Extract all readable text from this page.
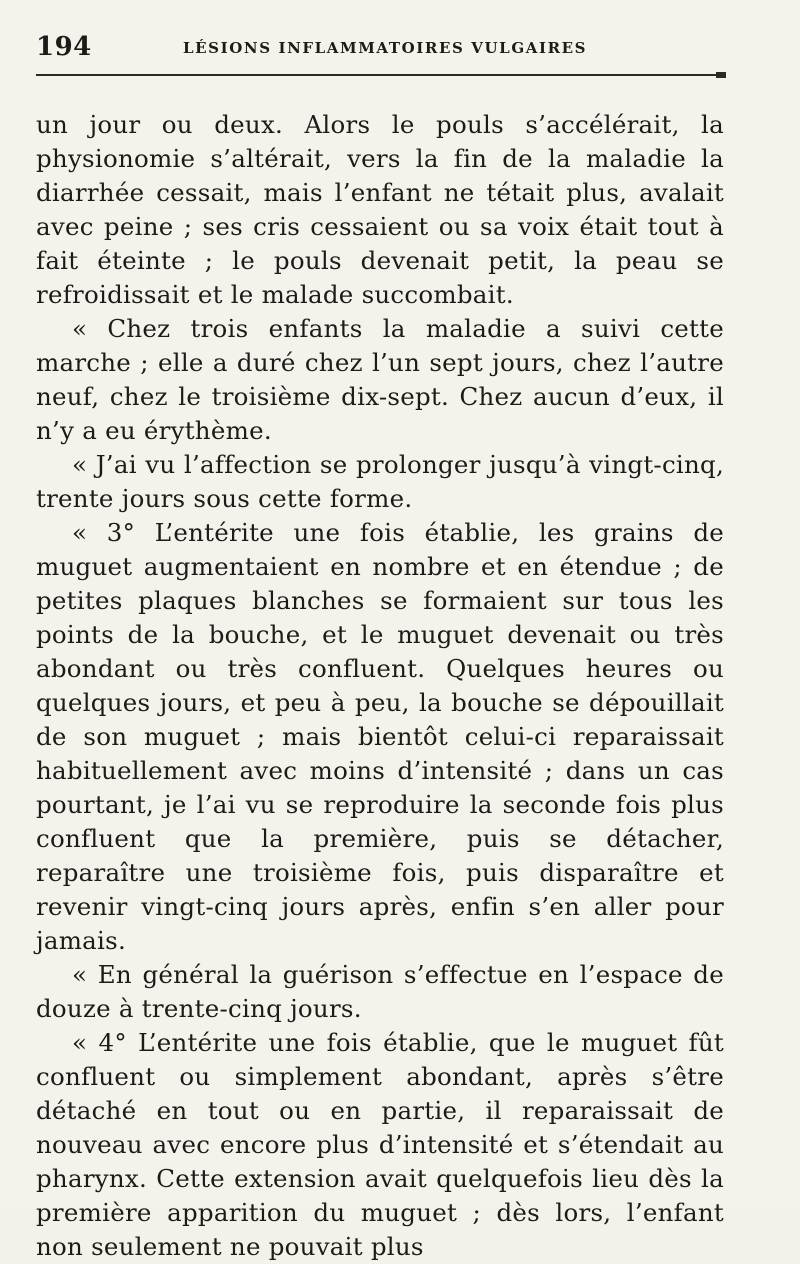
194	LÉSIONS INFLAMMATOIRES VULGAIRES

un jour ou deux. Alors le pouls s’accélérait, la physionomie s’altérait, vers la fin de la maladie la diarrhée cessait, mais l’enfant ne tétait plus, avalait avec peine ; ses cris cessaient ou sa voix était tout à fait éteinte ; le pouls devenait petit, la peau se refroidissait et le malade succombait.

« Chez trois enfants la maladie a suivi cette marche ; elle a duré chez l’un sept jours, chez l’autre neuf, chez le troisième dix-sept. Chez aucun d’eux, il n’y a eu érythème.

« J’ai vu l’affection se prolonger jusqu’à vingt-cinq, trente jours sous cette forme.

« 3° L’entérite une fois établie, les grains de muguet augmentaient en nombre et en étendue ; de petites plaques blanches se formaient sur tous les points de la bouche, et le muguet devenait ou très abondant ou très confluent. Quelques heures ou quelques jours, et peu à peu, la bouche se dépouillait de son muguet ; mais bientôt celui-ci reparaissait habituellement avec moins d’intensité ; dans un cas pourtant, je l’ai vu se reproduire la seconde fois plus confluent que la première, puis se détacher, reparaître une troisième fois, puis disparaître et revenir vingt-cinq jours après, enfin s’en aller pour jamais.

« En général la guérison s’effectue en l’espace de douze à trente-cinq jours.

« 4° L’entérite une fois établie, que le muguet fût confluent ou simplement abondant, après s’être détaché en tout ou en partie, il reparaissait de nouveau avec encore plus d’intensité et s’étendait au pharynx. Cette extension avait quelquefois lieu dès la première apparition du muguet ; dès lors, l’enfant non seulement ne pouvait plus
